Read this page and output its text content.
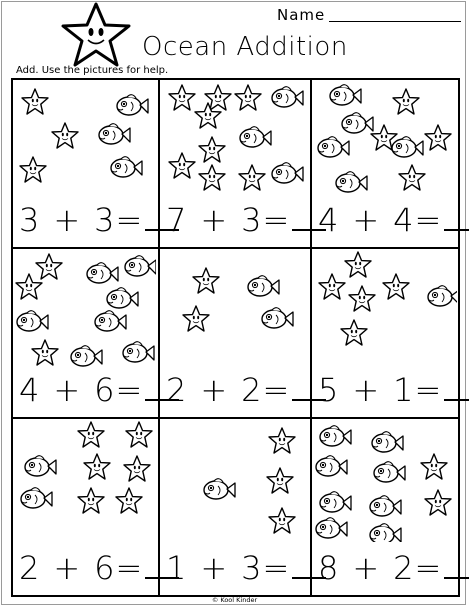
Name
Ocean Addition
Add. Use the pictures for help.
© Kool Kinder
3 + 3= 7 + 3= 4 + 4=
4 + 6= 2 + 2= 5 + 1=
2 + 6= 1 + 3= 8 + 2=
